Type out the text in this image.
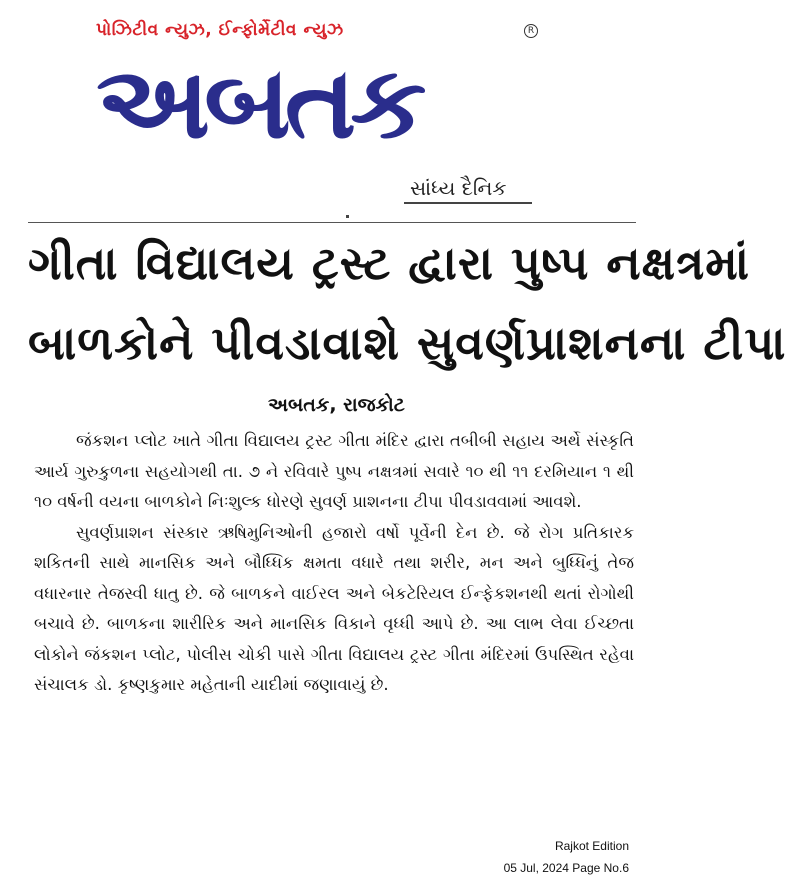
પોઝિટીવ ન્યુઝ, ઈન્ફોર્મેટીવ ન્યુઝ	R
અબતક
સાંધ્ય દૈનિક
ગીતા વિદ્યાલય ટ્રસ્ટ દ્વારા પુષ્પ નક્ષત્રમાં
બાળકોને પીવડાવાશે સુવર્ણપ્રાશનના ટીપા
અબતક, રાજકોટ

જંકશન પ્લોટ ખાતે ગીતા વિદ્યાલય ટ્રસ્ટ ગીતા મંદિર દ્વારા તબીબી સહાય અર્થે સંસ્કૃતિ આર્ય ગુરુકુળના સહયોગથી તા. ૭ ને રવિવારે પુષ્પ નક્ષત્રમાં સવારે ૧૦ થી ૧૧ દરમિયાન ૧ થી ૧૦ વર્ષની વયના બાળકોને નિઃશુલ્ક ધોરણે સુવર્ણ પ્રાશનના ટીપા પીવડાવવામાં આવશે.

સુવર્ણપ્રાશન સંસ્કાર ઋષિમુનિઓની હજારો વર્ષો પૂર્વેની દેન છે. જે રોગ પ્રતિકારક શકિતની સાથે માનસિક અને બૌધ્ધિક ક્ષમતા વધારે તથા શરીર, મન અને બુધ્ધિનું તેજ વધારનાર તેજસ્વી ધાતુ છે. જે બાળકને વાઈરલ અને બેકટેરિયલ ઈન્ફેકશનથી થતાં રોગોથી બચાવે છે. બાળકના શારીરિક અને માનસિક વિકાને વૃધ્ધી આપે છે. આ લાભ લેવા ઈચ્છતા લોકોને જંકશન પ્લોટ, પોલીસ ચોકી પાસે ગીતા વિદ્યાલય ટ્રસ્ટ ગીતા મંદિરમાં ઉપસ્થિત રહેવા સંચાલક ડો. કૃષ્ણકુમાર મહેતાની યાદીમાં જણાવાયું છે.

Rajkot Edition
05 Jul, 2024 Page No.6
